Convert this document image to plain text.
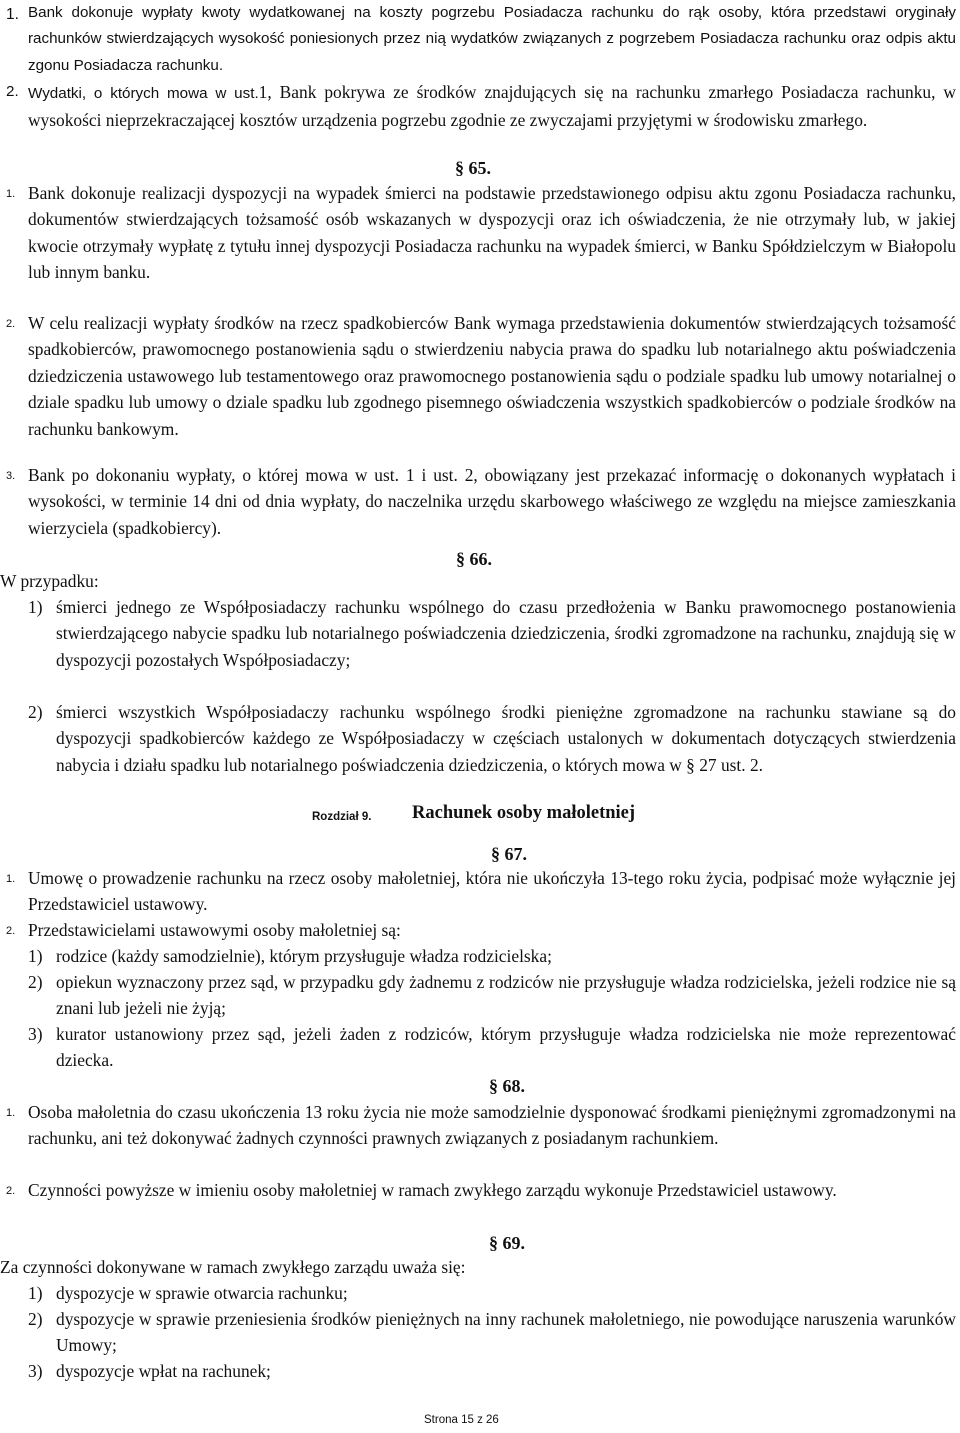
1. Bank dokonuje wypłaty kwoty wydatkowanej na koszty pogrzebu Posiadacza rachunku do rąk osoby, która przedstawi oryginały rachunków stwierdzających wysokość poniesionych przez nią wydatków związanych z pogrzebem Posiadacza rachunku oraz odpis aktu zgonu Posiadacza rachunku.

2. Wydatki, o których mowa w ust.1, Bank pokrywa ze środków znajdujących się na rachunku zmarłego Posiadacza rachunku, w wysokości nieprzekraczającej kosztów urządzenia pogrzebu zgodnie ze zwyczajami przyjętymi w środowisku zmarłego.

§ 65.
1. Bank dokonuje realizacji dyspozycji na wypadek śmierci na podstawie przedstawionego odpisu aktu zgonu Posiadacza rachunku, dokumentów stwierdzających tożsamość osób wskazanych w dyspozycji oraz ich oświadczenia, że nie otrzymały lub, w jakiej kwocie otrzymały wypłatę z tytułu innej dyspozycji Posiadacza rachunku na wypadek śmierci, w Banku Spółdzielczym w Białopolu lub innym banku.

2. W celu realizacji wypłaty środków na rzecz spadkobierców Bank wymaga przedstawienia dokumentów stwierdzających tożsamość spadkobierców, prawomocnego postanowienia sądu o stwierdzeniu nabycia prawa do spadku lub notarialnego aktu poświadczenia dziedziczenia ustawowego lub testamentowego oraz prawomocnego postanowienia sądu o podziale spadku lub umowy notarialnej o dziale spadku lub umowy o dziale spadku lub zgodnego pisemnego oświadczenia wszystkich spadkobierców o podziale środków na rachunku bankowym.

3. Bank po dokonaniu wypłaty, o której mowa w ust. 1 i ust. 2, obowiązany jest przekazać informację o dokonanych wypłatach i wysokości, w terminie 14 dni od dnia wypłaty, do naczelnika urzędu skarbowego właściwego ze względu na miejsce zamieszkania wierzyciela (spadkobiercy).

§ 66.

W przypadku:

1) śmierci jednego ze Współposiadaczy rachunku wspólnego do czasu przedłożenia w Banku prawomocnego postanowienia stwierdzającego nabycie spadku lub notarialnego poświadczenia dziedziczenia, środki zgromadzone na rachunku, znajdują się w dyspozycji pozostałych Współposiadaczy;

2) śmierci wszystkich Współposiadaczy rachunku wspólnego środki pieniężne zgromadzone na rachunku stawiane są do dyspozycji spadkobierców każdego ze Współposiadaczy w częściach ustalonych w dokumentach dotyczących stwierdzenia nabycia i działu spadku lub notarialnego poświadczenia dziedziczenia, o których mowa w § 27 ust. 2.

Rozdział 9. Rachunek osoby małoletniej
§ 67.
1. Umowę o prowadzenie rachunku na rzecz osoby małoletniej, która nie ukończyła 13-tego roku życia, podpisać może wyłącznie jej Przedstawiciel ustawowy.

2. Przedstawicielami ustawowymi osoby małoletniej są:

1) rodzice (każdy samodzielnie), którym przysługuje władza rodzicielska;

2) opiekun wyznaczony przez sąd, w przypadku gdy żadnemu z rodziców nie przysługuje władza rodzicielska, jeżeli rodzice nie są znani lub jeżeli nie żyją;

3) kurator ustanowiony przez sąd, jeżeli żaden z rodziców, którym przysługuje władza rodzicielska nie może reprezentować dziecka.

§ 68.
1. Osoba małoletnia do czasu ukończenia 13 roku życia nie może samodzielnie dysponować środkami pieniężnymi zgromadzonymi na rachunku, ani też dokonywać żadnych czynności prawnych związanych z posiadanym rachunkiem.

2. Czynności powyższe w imieniu osoby małoletniej w ramach zwykłego zarządu wykonuje Przedstawiciel ustawowy.

§ 69.

Za czynności dokonywane w ramach zwykłego zarządu uważa się:

1) dyspozycje w sprawie otwarcia rachunku;

2) dyspozycje w sprawie przeniesienia środków pieniężnych na inny rachunek małoletniego, nie powodujące naruszenia warunków Umowy;

3) dyspozycje wpłat na rachunek;

Strona 15 z 26
